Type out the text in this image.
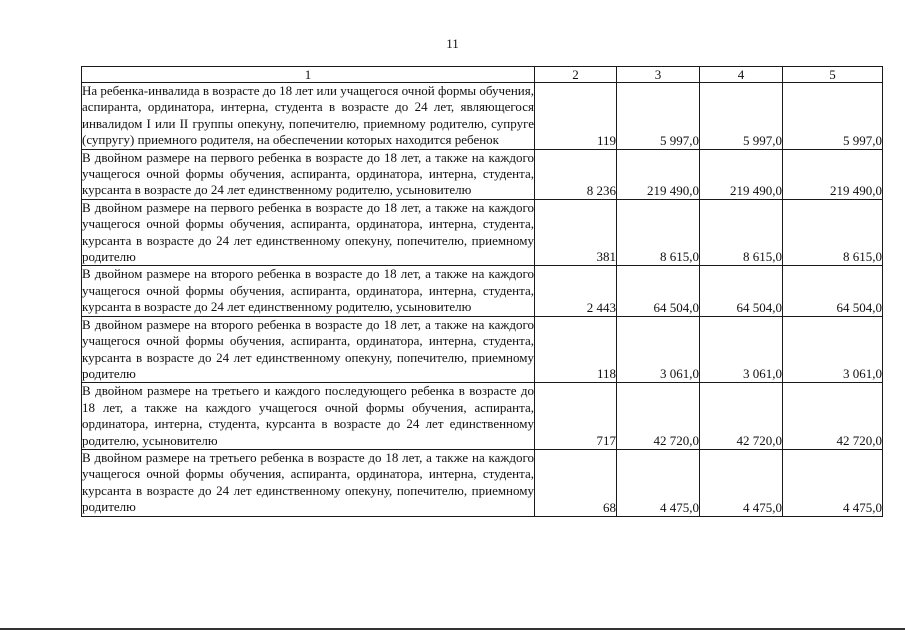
11
1	2	3	4	5
На ребенка-инвалида в возрасте до 18 лет или учащегося очной формы обучения, аспиранта, ординатора, интерна, студента в возрасте до 24 лет, являющегося инвалидом I или II группы опекуну, попечителю, приемному родителю, супруге (супругу) приемного родителя, на обеспечении которых находится ребенок	119	5 997,0	5 997,0	5 997,0
В двойном размере на первого ребенка в возрасте до 18 лет, а также на каждого учащегося очной формы обучения, аспиранта, ординатора, интерна, студента, курсанта в возрасте до 24 лет единственному родителю, усыновителю	8 236	219 490,0	219 490,0	219 490,0
В двойном размере на первого ребенка в возрасте до 18 лет, а также на каждого учащегося очной формы обучения, аспиранта, ординатора, интерна, студента, курсанта в возрасте до 24 лет единственному опекуну, попечителю, приемному родителю	381	8 615,0	8 615,0	8 615,0
В двойном размере на второго ребенка в возрасте до 18 лет, а также на каждого учащегося очной формы обучения, аспиранта, ординатора, интерна, студента, курсанта в возрасте до 24 лет единственному родителю, усыновителю	2 443	64 504,0	64 504,0	64 504,0
В двойном размере на второго ребенка в возрасте до 18 лет, а также на каждого учащегося очной формы обучения, аспиранта, ординатора, интерна, студента, курсанта в возрасте до 24 лет единственному опекуну, попечителю, приемному родителю	118	3 061,0	3 061,0	3 061,0
В двойном размере на третьего и каждого последующего ребенка в возрасте до 18 лет, а также на каждого учащегося очной формы обучения, аспиранта, ординатора, интерна, студента, курсанта в возрасте до 24 лет единственному родителю, усыновителю	717	42 720,0	42 720,0	42 720,0
В двойном размере на третьего ребенка в возрасте до 18 лет, а также на каждого учащегося очной формы обучения, аспиранта, ординатора, интерна, студента, курсанта в возрасте до 24 лет единственному опекуну, попечителю, приемному родителю	68	4 475,0	4 475,0	4 475,0
